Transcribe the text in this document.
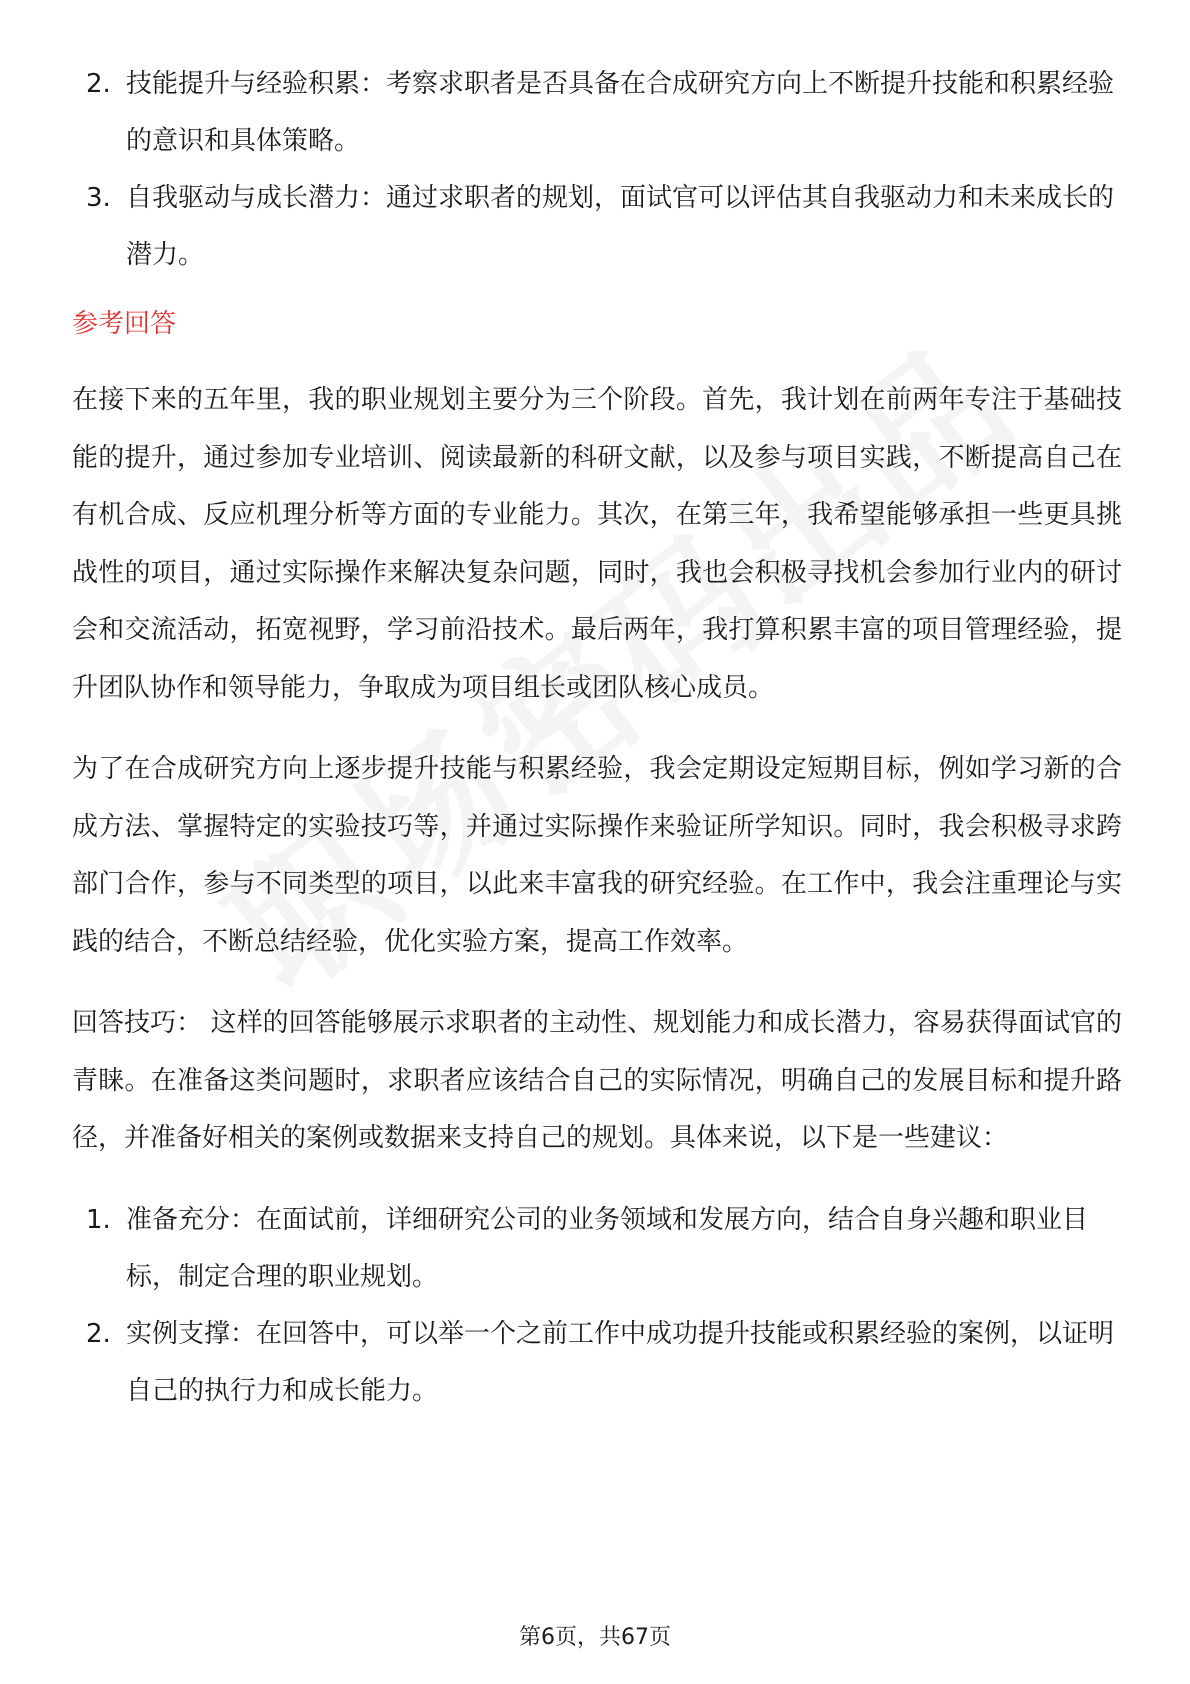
2. 技能提升与经验积累：考察求职者是否具备在合成研究方向上不断提升技能和积累经验的意识和具体策略。
3. 自我驱动与成长潜力：通过求职者的规划，面试官可以评估其自我驱动力和未来成长的潜力。
参考回答

在接下来的五年里，我的职业规划主要分为三个阶段。首先，我计划在前两年专注于基础技能的提升，通过参加专业培训、阅读最新的科研文献，以及参与项目实践，不断提高自己在有机合成、反应机理分析等方面的专业能力。其次，在第三年，我希望能够承担一些更具挑战性的项目，通过实际操作来解决复杂问题，同时，我也会积极寻找机会参加行业内的研讨会和交流活动，拓宽视野，学习前沿技术。最后两年，我打算积累丰富的项目管理经验，提升团队协作和领导能力，争取成为项目组长或团队核心成员。

为了在合成研究方向上逐步提升技能与积累经验，我会定期设定短期目标，例如学习新的合成方法、掌握特定的实验技巧等，并通过实际操作来验证所学知识。同时，我会积极寻求跨部门合作，参与不同类型的项目，以此来丰富我的研究经验。在工作中，我会注重理论与实践的结合，不断总结经验，优化实验方案，提高工作效率。

回答技巧： 这样的回答能够展示求职者的主动性、规划能力和成长潜力，容易获得面试官的青睐。在准备这类问题时，求职者应该结合自己的实际情况，明确自己的发展目标和提升路径，并准备好相关的案例或数据来支持自己的规划。具体来说，以下是一些建议：

1. 准备充分：在面试前，详细研究公司的业务领域和发展方向，结合自身兴趣和职业目标，制定合理的职业规划。
2. 实例支撑：在回答中，可以举一个之前工作中成功提升技能或积累经验的案例，以证明自己的执行力和成长能力。
第6页，共67页
